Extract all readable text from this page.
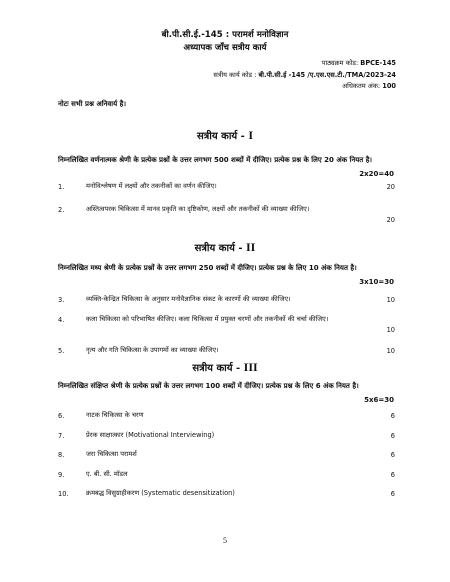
बी.पी.सी.ई.-145 : परामर्श मनोविज्ञान
अध्यापक जाँच सत्रीय कार्य
पाठ्यक्रम कोड: BPCE-145
सत्रीय कार्य कोड : बी.पी.सी.ई -145 /ए.एस.एस.टी./TMA/2023-24
अधिकतम अंक: 100
नोटः सभी प्रश्न अनिवार्य है।
सत्रीय कार्य - I
निम्नलिखित वर्णनात्मक श्रेणी के प्रत्येक प्रश्नों के उत्तर लगभग 500 शब्दों में दीजिए। प्रत्येक प्रश्न के लिए 20 अंक नियत है।
2x20=40
1.	मनोविश्लेषण में लक्ष्यों और तकनीकों का वर्णन कीजिए।	20
2.	अस्तित्वपरक चिकित्सा में मानव प्रकृति का दृष्टिकोण, लक्ष्यों और तकनीकों की व्याख्या कीजिए।
20
सत्रीय कार्य - II
निम्नलिखित मध्य श्रेणी के प्रत्येक प्रश्नों के उत्तर लगभग 250 शब्दों में दीजिए। प्रत्येक प्रश्न के लिए 10 अंक नियत है।
3x10=30
3.	व्यक्ति-केन्द्रित चिकित्सा के अनुसार मनोवैज्ञानिक संकट के कारणों की व्याख्या कीजिए।	10
4.	कला चिकित्सा को परिभाषित कीजिए। कला चिकित्सा में प्रयुक्त चरणों और तकनीकों की चर्चा कीजिए।
10
5.	नृत्य और गति चिकित्सा के उपागमों का व्याख्या कीजिए।	10
सत्रीय कार्य - III
निम्नलिखित संक्षिप्त श्रेणी के प्रत्येक प्रश्नों के उत्तर लगभग 100 शब्दों में दीजिए। प्रत्येक प्रश्न के लिए 6 अंक नियत है।
5x6=30
6.	नाटक चिकित्सा के चरण	6
7.	प्रेरक साक्षात्कार (Motivational Interviewing)	6
8.	जरा चिकित्सा परामर्श	6
9.	ए. बी. सी. मॉडल	6
10.	क्रमबद्ध विसुग्राहीकरण (Systematic desensitization)	6
5
